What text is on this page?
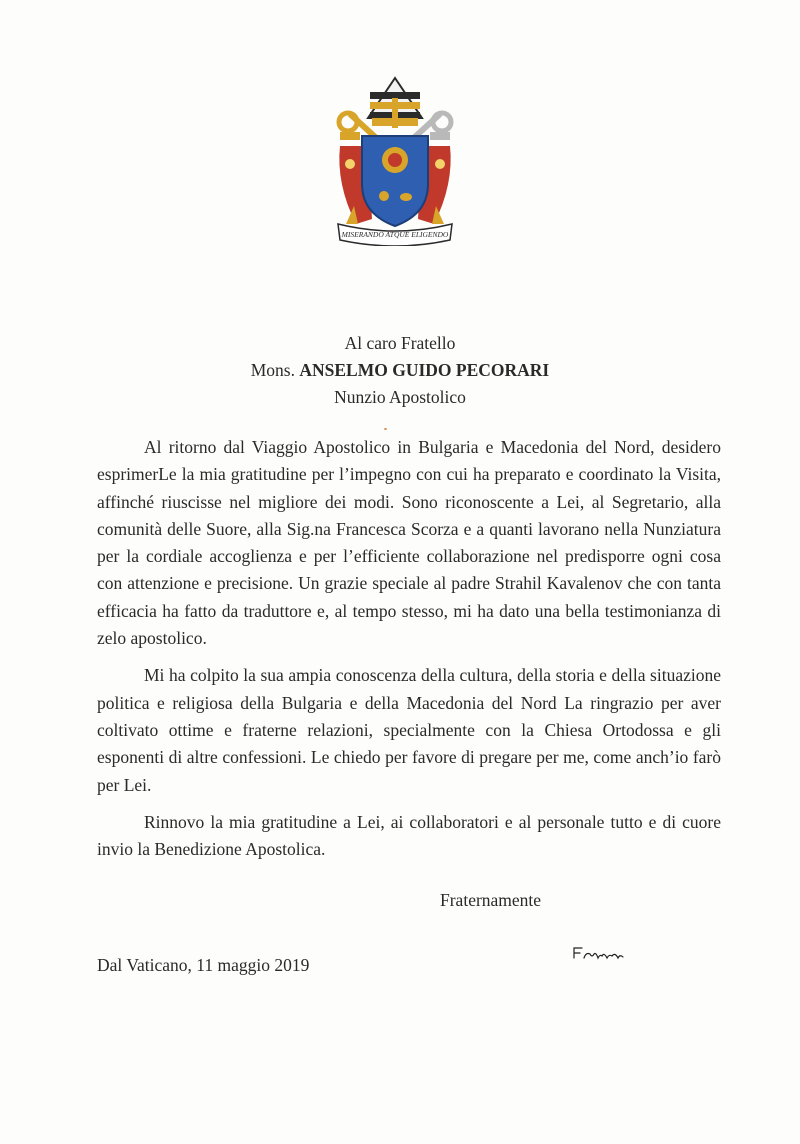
MISERANDO ATQUE ELIGENDO
Al caro Fratello
Mons. ANSELMO GUIDO PECORARI
Nunzio Apostolico

Al ritorno dal Viaggio Apostolico in Bulgaria e Macedonia del Nord, desidero esprimerLe la mia gratitudine per l’impegno con cui ha preparato e coordinato la Visita, affinché riuscisse nel migliore dei modi. Sono riconoscente a Lei, al Segretario, alla comunità delle Suore, alla Sig.na Francesca Scorza e a quanti lavorano nella Nunziatura per la cordiale accoglienza e per l’efficiente collaborazione nel predisporre ogni cosa con attenzione e precisione. Un grazie speciale al padre Strahil Kavalenov che con tanta efficacia ha fatto da traduttore e, al tempo stesso, mi ha dato una bella testimonianza di zelo apostolico.

Mi ha colpito la sua ampia conoscenza della cultura, della storia e della situazione politica e religiosa della Bulgaria e della Macedonia del Nord La ringrazio per aver coltivato ottime e fraterne relazioni, specialmente con la Chiesa Ortodossa e gli esponenti di altre confessioni. Le chiedo per favore di pregare per me, come anch’io farò per Lei.

Rinnovo la mia gratitudine a Lei, ai collaboratori e al personale tutto e di cuore invio la Benedizione Apostolica.

Fraternamente
Dal Vaticano, 11 maggio 2019
